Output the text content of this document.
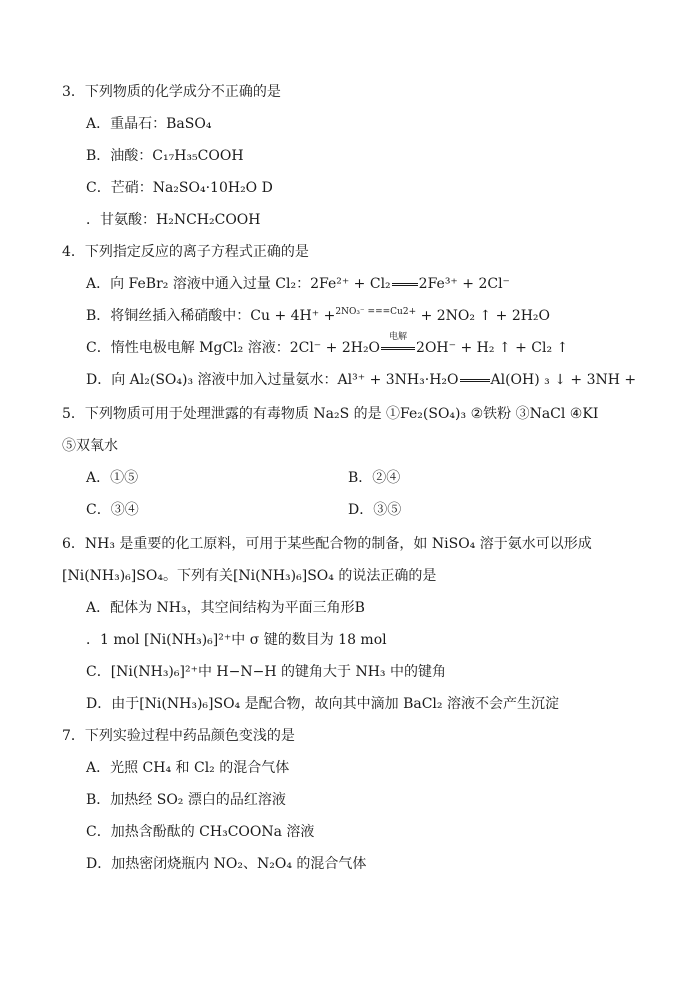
3．下列物质的化学成分不正确的是
A．重晶石：BaSO₄
B．油酸：C₁₇H₃₅COOH
C．芒硝：Na₂SO₄·10H₂O D
．甘氨酸：H₂NCH₂COOH
4．下列指定反应的离子方程式正确的是
A．向 FeBr₂ 溶液中通入过量 Cl₂：2Fe²⁺ + Cl₂ 2Fe³⁺ + 2Cl⁻
B．将铜丝插入稀硝酸中：Cu + 4H⁺ +$^{2NO_3^- ===Cu2+}$ + 2NO₂ ↑ + 2H₂O
C．惰性电极电解 MgCl₂ 溶液：2Cl⁻ + 2H₂O
电解
2OH⁻ + H₂ ↑ + Cl₂ ↑
D．向 Al₂(SO₄)₃ 溶液中加入过量氨水：Al³⁺ + 3NH₃·H₂O Al(OH) ₃ ↓ + 3NH +
5．下列物质可用于处理泄露的有毒物质 Na₂S 的是 ①Fe₂(SO₄)₃ ②铁粉 ③NaCl ④KI
⑤双氧水
A．①⑤	B．②④
C．③④	D．③⑤
6．NH₃ 是重要的化工原料，可用于某些配合物的制备，如 NiSO₄ 溶于氨水可以形成
[Ni(NH₃)₆]SO₄。下列有关[Ni(NH₃)₆]SO₄ 的说法正确的是
A．配体为 NH₃，其空间结构为平面三角形B
．1 mol [Ni(NH₃)₆]²⁺中 σ 键的数目为 18 mol
C．[Ni(NH₃)₆]²⁺中 H−N−H 的键角大于 NH₃ 中的键角
D．由于[Ni(NH₃)₆]SO₄ 是配合物，故向其中滴加 BaCl₂ 溶液不会产生沉淀
7．下列实验过程中药品颜色变浅的是
A．光照 CH₄ 和 Cl₂ 的混合气体
B．加热经 SO₂ 漂白的品红溶液
C．加热含酚酞的 CH₃COONa 溶液
D．加热密闭烧瓶内 NO₂、N₂O₄ 的混合气体
